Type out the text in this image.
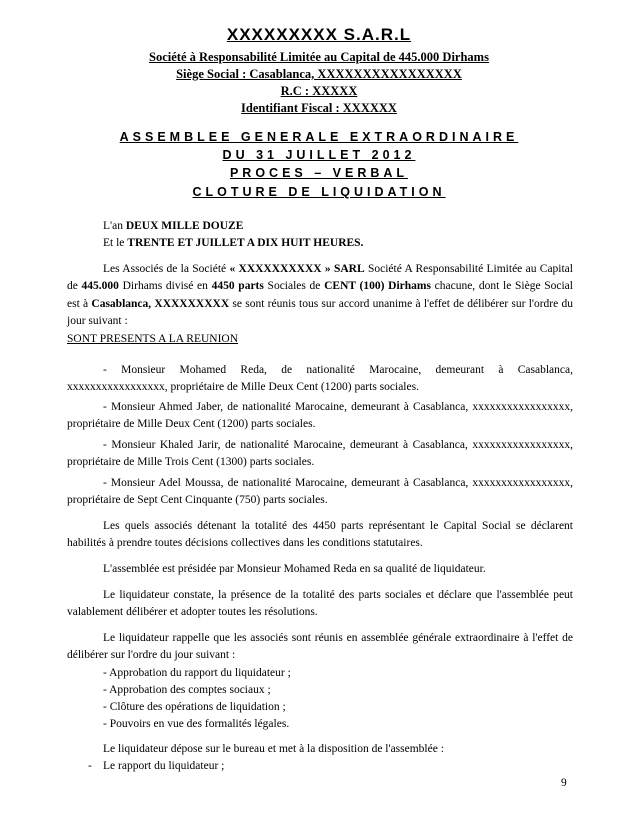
XXXXXXXXX S.A.R.L
Société à Responsabilité Limitée au Capital de 445.000 Dirhams
Siège Social : Casablanca, XXXXXXXXXXXXXXXX
R.C : XXXXX
Identifiant Fiscal : XXXXXX
ASSEMBLEE GENERALE EXTRAORDINAIRE
DU 31 JUILLET 2012
PROCES – VERBAL
CLOTURE DE LIQUIDATION
L'an DEUX MILLE DOUZE
Et le TRENTE ET JUILLET A DIX HUIT HEURES.
Les Associés de la Société « XXXXXXXXXX » SARL Société A Responsabilité Limitée au Capital de 445.000 Dirhams divisé en 4450 parts Sociales de CENT (100) Dirhams chacune, dont le Siège Social est à Casablanca, XXXXXXXXX se sont réunis tous sur accord unanime à l'effet de délibérer sur l'ordre du jour suivant :
SONT PRESENTS A LA REUNION
- Monsieur Mohamed Reda, de nationalité Marocaine, demeurant à Casablanca, xxxxxxxxxxxxxxxxx, propriétaire de Mille Deux Cent (1200) parts sociales.
- Monsieur Ahmed Jaber, de nationalité Marocaine, demeurant à Casablanca, xxxxxxxxxxxxxxxxx, propriétaire de Mille Deux Cent (1200) parts sociales.
- Monsieur Khaled Jarir, de nationalité Marocaine, demeurant à Casablanca, xxxxxxxxxxxxxxxxx, propriétaire de Mille Trois Cent (1300) parts sociales.
- Monsieur Adel Moussa, de nationalité Marocaine, demeurant à Casablanca, xxxxxxxxxxxxxxxxx, propriétaire de Sept Cent Cinquante (750) parts sociales.
Les quels associés détenant la totalité des 4450 parts représentant le Capital Social se déclarent habilités à prendre toutes décisions collectives dans les conditions statutaires.
L'assemblée est présidée par Monsieur Mohamed Reda en sa qualité de liquidateur.
Le liquidateur constate, la présence de la totalité des parts sociales et déclare que l'assemblée peut valablement délibérer et adopter toutes les résolutions.
Le liquidateur rappelle que les associés sont réunis en assemblée générale extraordinaire à l'effet de délibérer sur l'ordre du jour suivant :
- Approbation du rapport du liquidateur ;
- Approbation des comptes sociaux ;
- Clôture des opérations de liquidation ;
- Pouvoirs en vue des formalités légales.
Le liquidateur dépose sur le bureau et met à la disposition de l'assemblée :
- Le rapport du liquidateur ;
9
